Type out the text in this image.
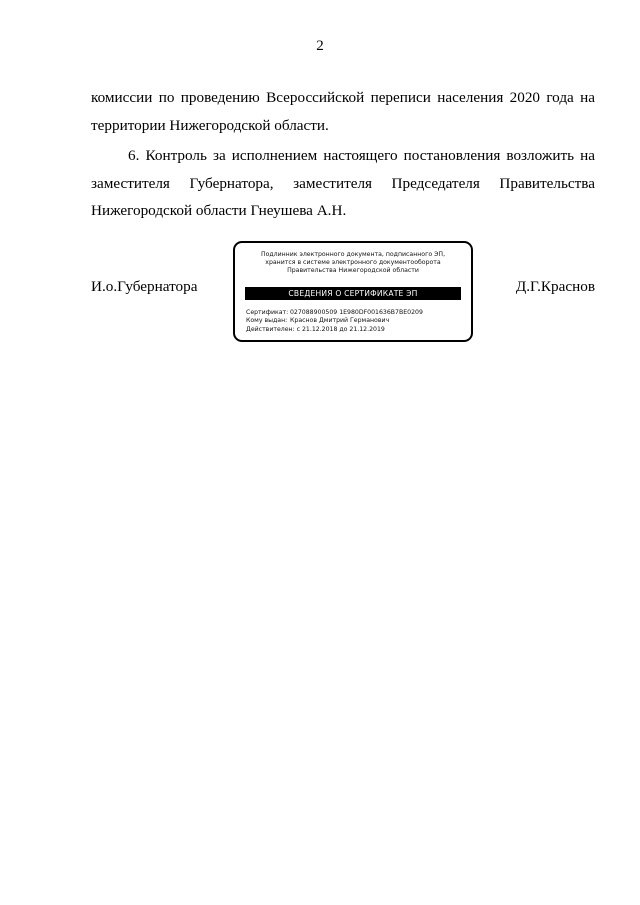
2

комиссии по проведению Всероссийской переписи населения 2020 года на территории Нижегородской области.

6. Контроль за исполнением настоящего постановления возложить на заместителя Губернатора, заместителя Председателя Правительства Нижегородской области Гнеушева А.Н.

И.о.Губернатора
Подлинник электронного документа, подписанного ЭП,
хранится в системе электронного документооборота
Правительства Нижегородской области
СВЕДЕНИЯ О СЕРТИФИКАТЕ ЭП
Сертификат: 027088900509 1E980DF001636B7BE0209
Кому выдан: Краснов Дмитрий Германович
Действителен: с 21.12.2018 до 21.12.2019
Д.Г.Краснов
